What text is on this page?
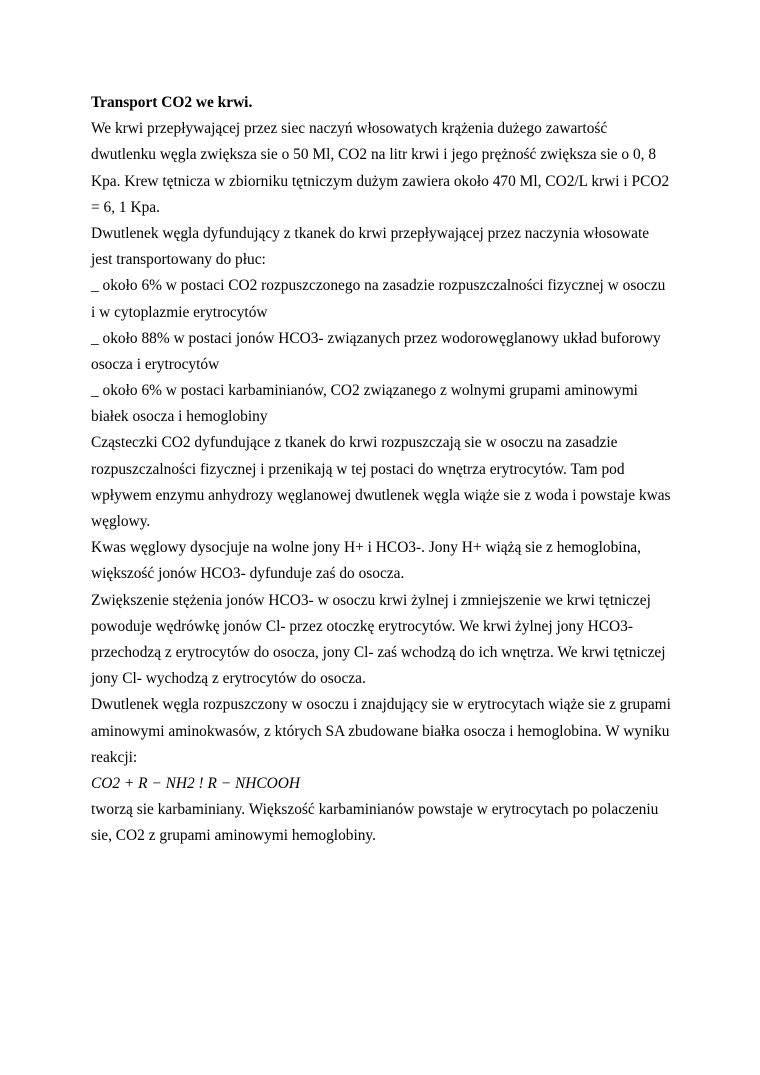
Transport CO2 we krwi.
We krwi przepływającej przez siec naczyń włosowatych krążenia dużego zawartość
dwutlenku węgla zwiększa sie o 50 Ml, CO2 na litr krwi i jego prężność zwiększa sie o 0, 8
Kpa. Krew tętnicza w zbiorniku tętniczym dużym zawiera około 470 Ml, CO2/L krwi i PCO2
= 6, 1 Kpa.
Dwutlenek węgla dyfundujący z tkanek do krwi przepływającej przez naczynia włosowate
jest transportowany do płuc:
_ około 6% w postaci CO2 rozpuszczonego na zasadzie rozpuszczalności fizycznej w osoczu
i w cytoplazmie erytrocytów
_ około 88% w postaci jonów HCO3- związanych przez wodorowęglanowy układ buforowy
osocza i erytrocytów
_ około 6% w postaci karbaminianów, CO2 związanego z wolnymi grupami aminowymi
białek osocza i hemoglobiny
Cząsteczki CO2 dyfundujące z tkanek do krwi rozpuszczają sie w osoczu na zasadzie
rozpuszczalności fizycznej i przenikają w tej postaci do wnętrza erytrocytów. Tam pod
wpływem enzymu anhydrozy węglanowej dwutlenek węgla wiąże sie z woda i powstaje kwas
węglowy.
Kwas węglowy dysocjuje na wolne jony H+ i HCO3-. Jony H+ wiążą sie z hemoglobina,
większość jonów HCO3- dyfunduje zaś do osocza.
Zwiększenie stężenia jonów HCO3- w osoczu krwi żylnej i zmniejszenie we krwi tętniczej
powoduje wędrówkę jonów Cl- przez otoczkę erytrocytów. We krwi żylnej jony HCO3-
przechodzą z erytrocytów do osocza, jony Cl- zaś wchodzą do ich wnętrza. We krwi tętniczej
jony Cl- wychodzą z erytrocytów do osocza.
Dwutlenek węgla rozpuszczony w osoczu i znajdujący sie w erytrocytach wiąże sie z grupami
aminowymi aminokwasów, z których SA zbudowane białka osocza i hemoglobina. W wyniku
reakcji:
CO2 + R − NH2 ! R − NHCOOH
tworzą sie karbaminiany. Większość karbaminianów powstaje w erytrocytach po polaczeniu
sie, CO2 z grupami aminowymi hemoglobiny.
